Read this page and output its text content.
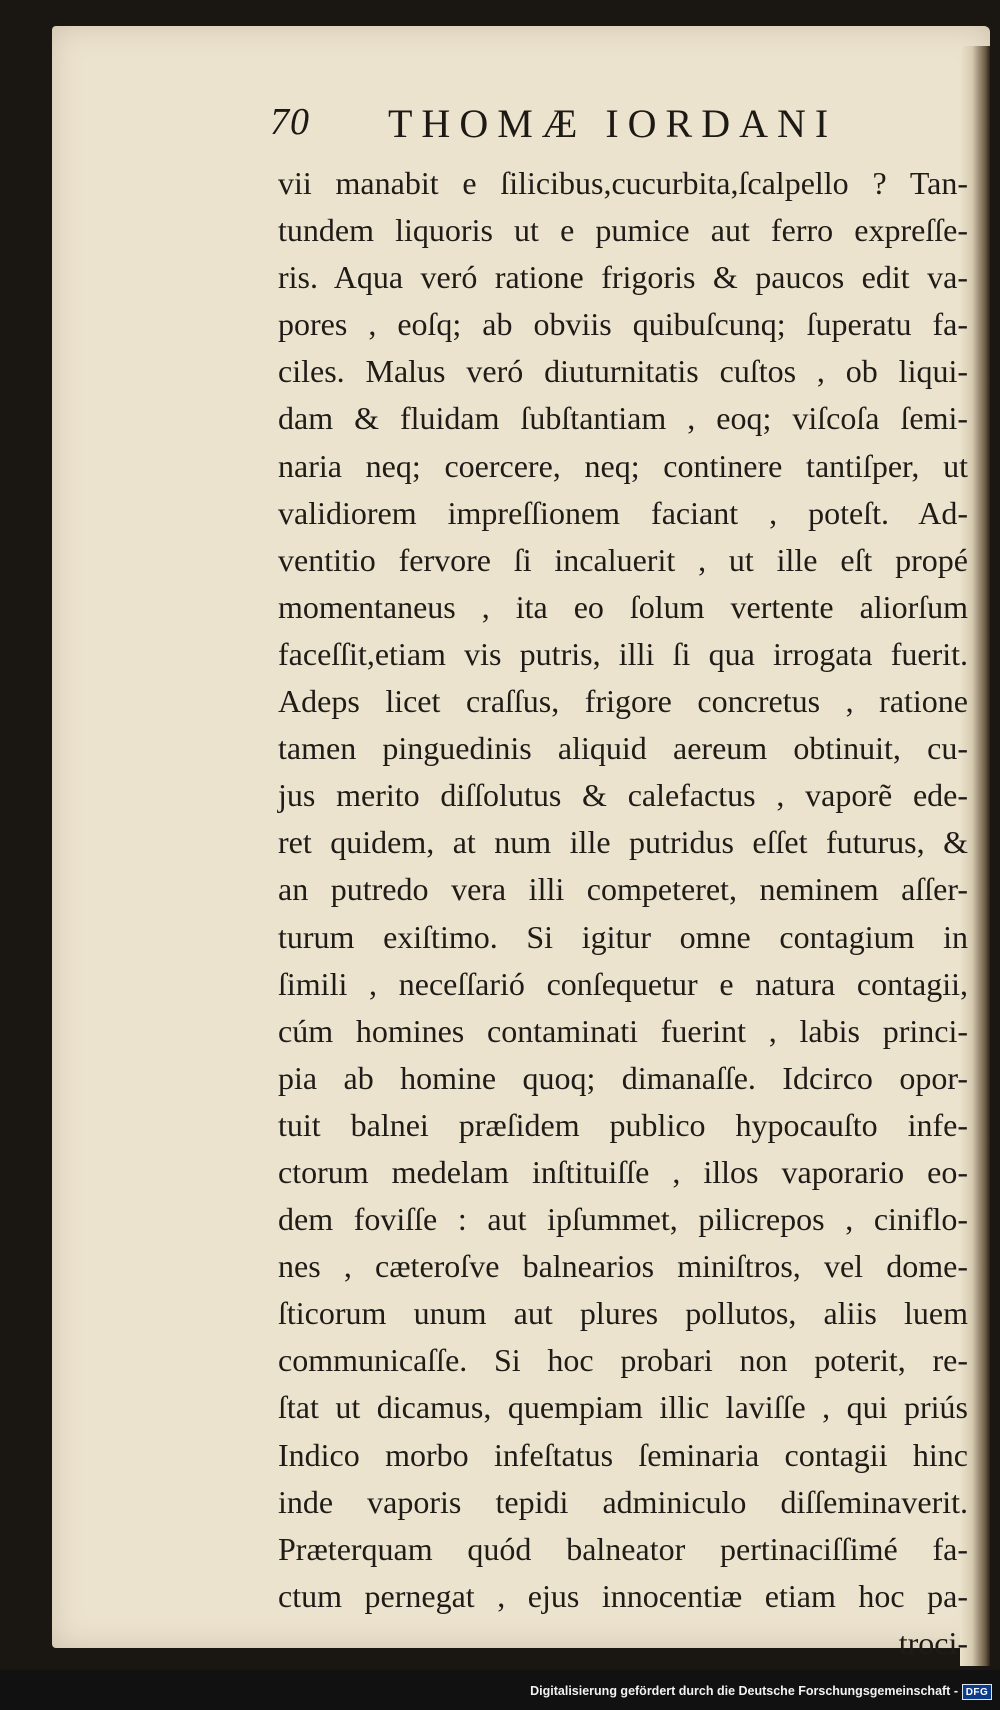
70 THOMÆ IORDANI
vii manabit e ſilicibus,cucurbita,ſcalpello ? Tan-
tundem liquoris ut e pumice aut ferro expreſſe-
ris. Aqua veró ratione frigoris & paucos edit va-
pores , eoſq; ab obviis quibuſcunq; ſuperatu fa-
ciles. Malus veró diuturnitatis cuſtos , ob liqui-
dam & fluidam ſubſtantiam , eoq; viſcoſa ſemi-
naria neq; coercere, neq; continere tantiſper, ut
validiorem impreſſionem faciant , poteſt. Ad-
ventitio fervore ſi incaluerit , ut ille eſt propé
momentaneus , ita eo ſolum vertente aliorſum
faceſſit,etiam vis putris, illi ſi qua irrogata fuerit.
Adeps licet craſſus, frigore concretus , ratione
tamen pinguedinis aliquid aereum obtinuit, cu-
jus merito diſſolutus & calefactus , vaporẽ ede-
ret quidem, at num ille putridus eſſet futurus, &
an putredo vera illi competeret, neminem aſſer-
turum exiſtimo. Si igitur omne contagium in
ſimili , neceſſarió conſequetur e natura contagii,
cúm homines contaminati fuerint , labis princi-
pia ab homine quoq; dimanaſſe. Idcirco opor-
tuit balnei præſidem publico hypocauſto infe-
ctorum medelam inſtituiſſe , illos vaporario eo-
dem foviſſe : aut ipſummet, pilicrepos , ciniflo-
nes , cæteroſve balnearios miniſtros, vel dome-
ſticorum unum aut plures pollutos, aliis luem
communicaſſe. Si hoc probari non poterit, re-
ſtat ut dicamus, quempiam illic laviſſe , qui priús
Indico morbo infeſtatus ſeminaria contagii hinc
inde vaporis tepidi adminiculo diſſeminaverit.
Præterquam quód balneator pertinaciſſimé fa-
ctum pernegat , ejus innocentiæ etiam hoc pa-
troci-
Digitalisierung gefördert durch die Deutsche Forschungsgemeinschaft - DFG
